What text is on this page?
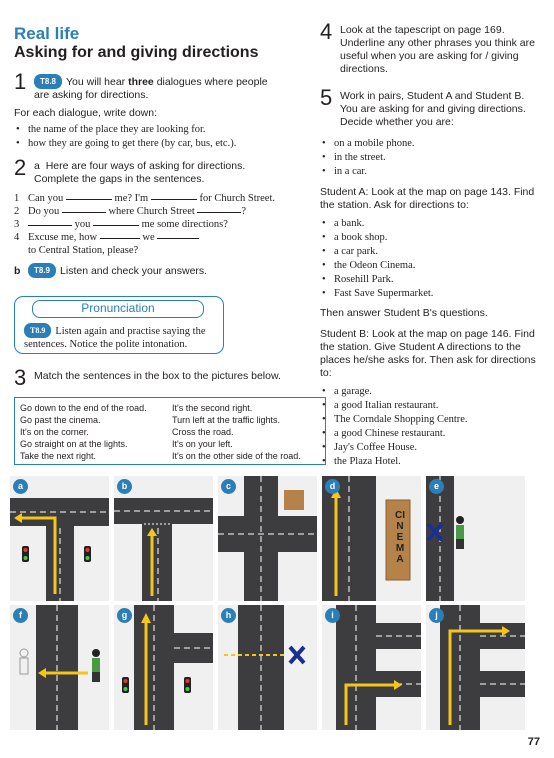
Real life
Asking for and giving directions
1 T8.8 You will hear three dialogues where people are asking for directions.
For each dialogue, write down:
• the name of the place they are looking for.
• how they are going to get there (by car, bus, etc.).
2 a Here are four ways of asking for directions. Complete the gaps in the sentences.
1 Can you

	me? I'm

	for Church Street.
2 Do you

	where Church Street
	?
3
	you

	me some directions?
4 Excuse me, how

	we

to Central Station, please?
b T8.9 Listen and check your answers.
Pronunciation
T8.9 Listen again and practise saying the sentences. Notice the polite intonation.
3 Match the sentences in the box to the pictures below.
Go down to the end of the road.
Go past the cinema.
It's on the corner.
Go straight on at the lights.
Take the next right.
It's the second right.
Turn left at the traffic lights.
Cross the road.
It's on your left.
It's on the other side of the road.
4 Look at the tapescript on page 169. Underline any other phrases you think are useful when you are asking for / giving directions.
5 Work in pairs, Student A and Student B. You are asking for and giving directions. Decide whether you are:
• on a mobile phone.
• in the street.
• in a car.
Student A: Look at the map on page 143. Find the station. Ask for directions to:
• a bank.
• a book shop.
• a car park.
• the Odeon Cinema.
• Rosehill Park.
• Fast Save Supermarket.
Then answer Student B's questions.
Student B: Look at the map on page 146. Find the station. Give Student A directions to the places he/she asks for. Then ask for directions to:
• a garage.
• a good Italian restaurant.
• The Corndale Shopping Centre.
• a good Chinese restaurant.
• Jay's Coffee House.
• the Plaza Hotel.
a	b	c	d
CINEMA
e
f	g	h	i	j
77
